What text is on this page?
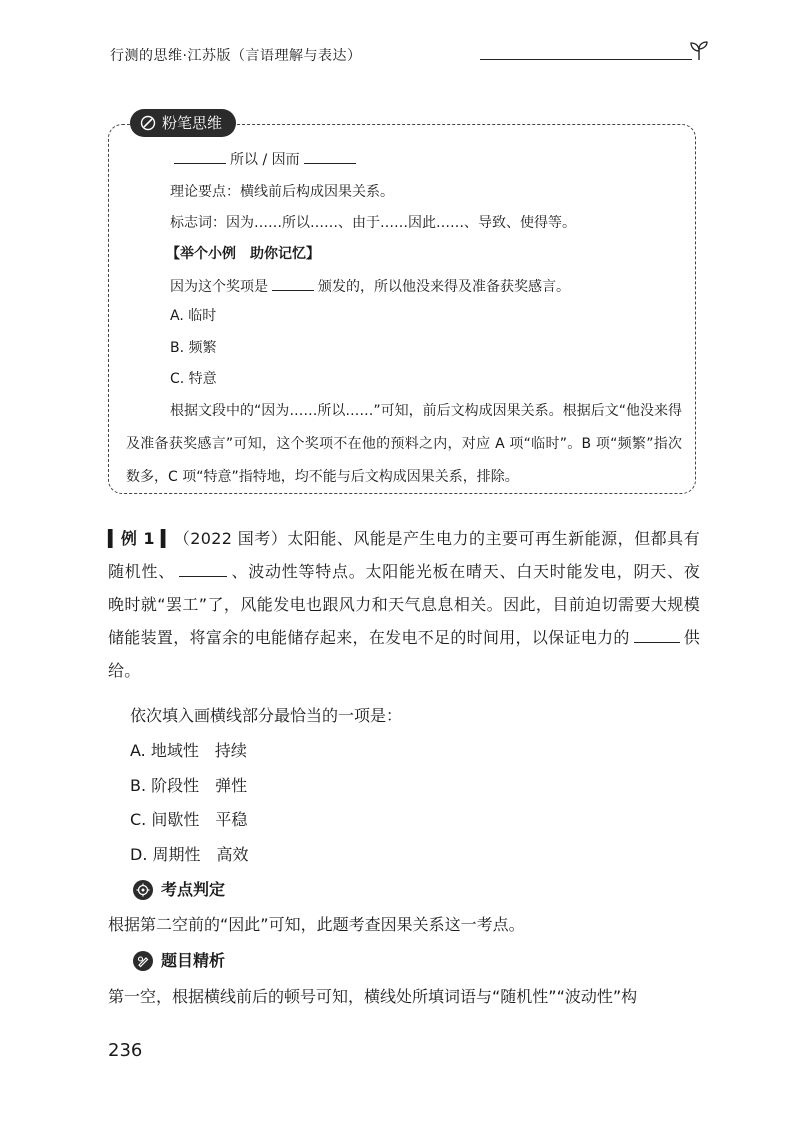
行测的思维·江苏版（言语理解与表达）
粉笔思维
所以 / 因而
理论要点：横线前后构成因果关系。
标志词：因为……所以……、由于……因此……、导致、使得等。
【举个小例　助你记忆】
因为这个奖项是	颁发的，所以他没来得及准备获奖感言。
A. 临时
B. 频繁
C. 特意
根据文段中的“因为……所以……”可知，前后文构成因果关系。根据后文“他没来得及准备获奖感言”可知，这个奖项不在他的预料之内，对应 A 项“临时”。B 项“频繁”指次数多，C 项“特意”指特地，均不能与后文构成因果关系，排除。
▍例 1 ▍（2022 国考）太阳能、风能是产生电力的主要可再生新能源，但都具有随机性、	、波动性等特点。太阳能光板在晴天、白天时能发电，阴天、夜晚时就“罢工”了，风能发电也跟风力和天气息息相关。因此，目前迫切需要大规模储能装置，将富余的电能储存起来，在发电不足的时间用，以保证电力的	供给。
依次填入画横线部分最恰当的一项是：
A. 地域性　持续
B. 阶段性　弹性
C. 间歇性　平稳
D. 周期性　高效
考点判定
根据第二空前的“因此”可知，此题考查因果关系这一考点。
题目精析
第一空，根据横线前后的顿号可知，横线处所填词语与“随机性”“波动性”构
236
